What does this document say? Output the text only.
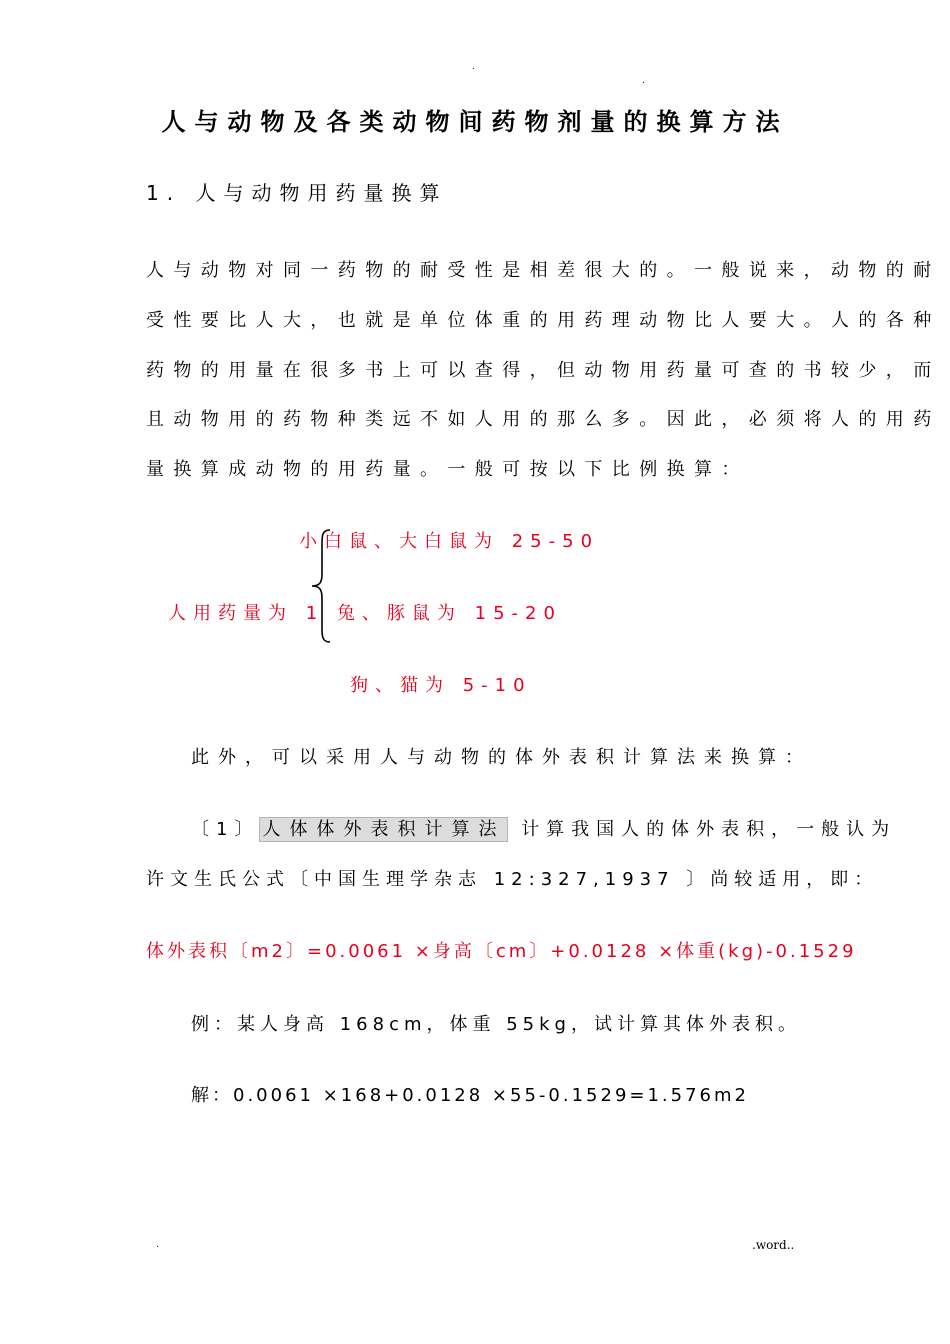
.
.
人与动物及各类动物间药物剂量的换算方法
1. 人与动物用药量换算
人与动物对同一药物的耐受性是相差很大的。一般说来，动物的耐
受性要比人大，也就是单位体重的用药理动物比人要大。人的各种
药物的用量在很多书上可以查得，但动物用药量可查的书较少，而
且动物用的药物种类远不如人用的那么多。因此，必须将人的用药
量换算成动物的用药量。一般可按以下比例换算：
小白鼠、大白鼠为 25-50
人用药量为 1 兔、豚鼠为 15-20
狗、猫为 5-10
此外，可以采用人与动物的体外表积计算法来换算：
〔1〕 人体体外表积计算法 计算我国人的体外表积，一般认为
许文生氏公式〔中国生理学杂志 12:327,1937 〕尚较适用，即：
体外表积〔m2〕=0.0061 ×身高〔cm〕+0.0128 ×体重(kg)-0.1529
例：某人身高 168cm，体重 55kg，试计算其体外表积。
解：0.0061 ×168+0.0128 ×55-0.1529=1.576m2
.	.word..
